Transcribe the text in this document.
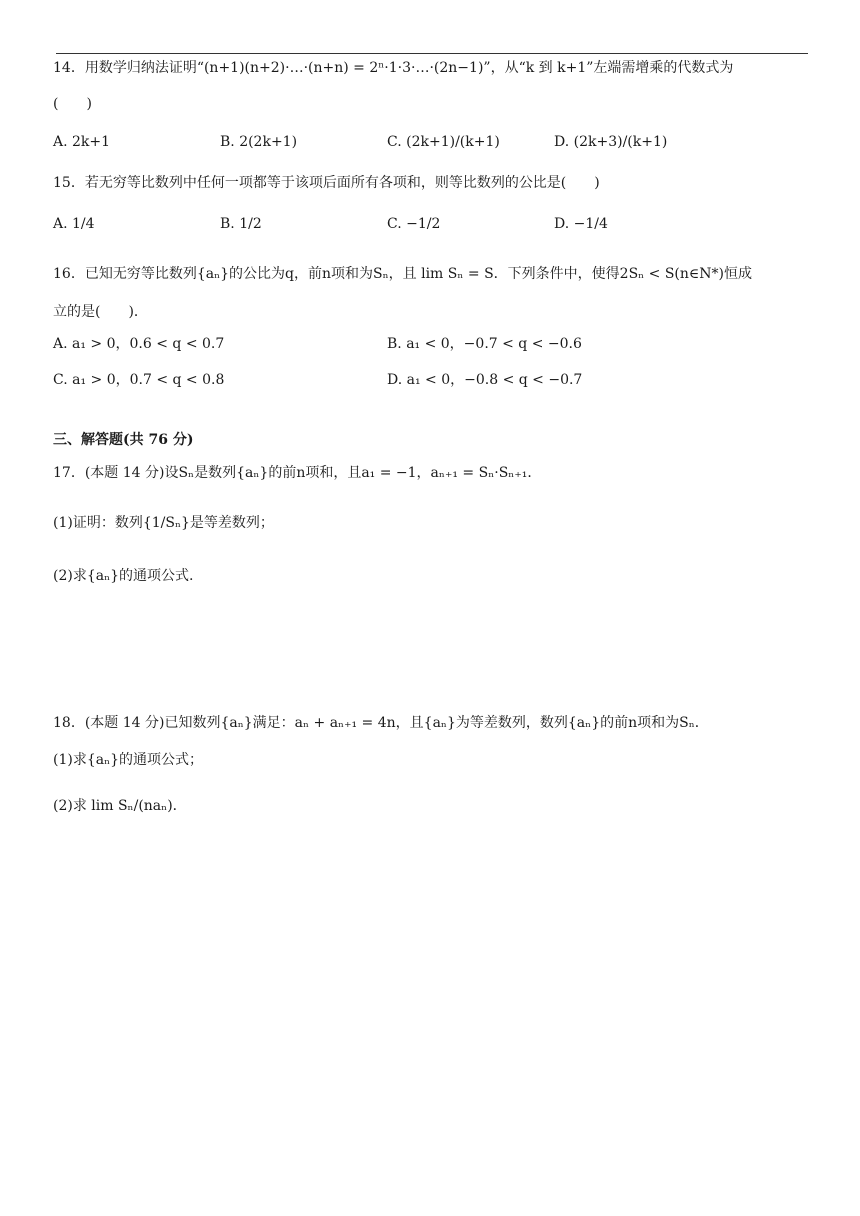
14．用数学归纳法证明“(n+1)(n+2)·…·(n+n) = 2ⁿ·1·3·…·(2n−1)”，从“k 到 k+1”左端需增乘的代数式为
(　　)
A. 2k+1	B. 2(2k+1)	C. (2k+1)/(k+1)	D. (2k+3)/(k+1)
15．若无穷等比数列中任何一项都等于该项后面所有各项和，则等比数列的公比是(　　)
A. 1/4	B. 1/2	C. −1/2	D. −1/4
16．已知无穷等比数列{aₙ}的公比为q，前n项和为Sₙ，且 lim Sₙ = S．下列条件中，使得2Sₙ < S(n∈N*)恒成
立的是(　　)．
A. a₁ > 0，0.6 < q < 0.7	B. a₁ < 0，−0.7 < q < −0.6
C. a₁ > 0，0.7 < q < 0.8	D. a₁ < 0，−0.8 < q < −0.7
三、解答题(共 76 分)
17．(本题 14 分)设Sₙ是数列{aₙ}的前n项和，且a₁ = −1，aₙ₊₁ = Sₙ·Sₙ₊₁．
(1)证明：数列{1/Sₙ}是等差数列；
(2)求{aₙ}的通项公式.
18．(本题 14 分)已知数列{aₙ}满足：aₙ + aₙ₊₁ = 4n，且{aₙ}为等差数列，数列{aₙ}的前n项和为Sₙ．
(1)求{aₙ}的通项公式；
(2)求 lim Sₙ/(naₙ)．
